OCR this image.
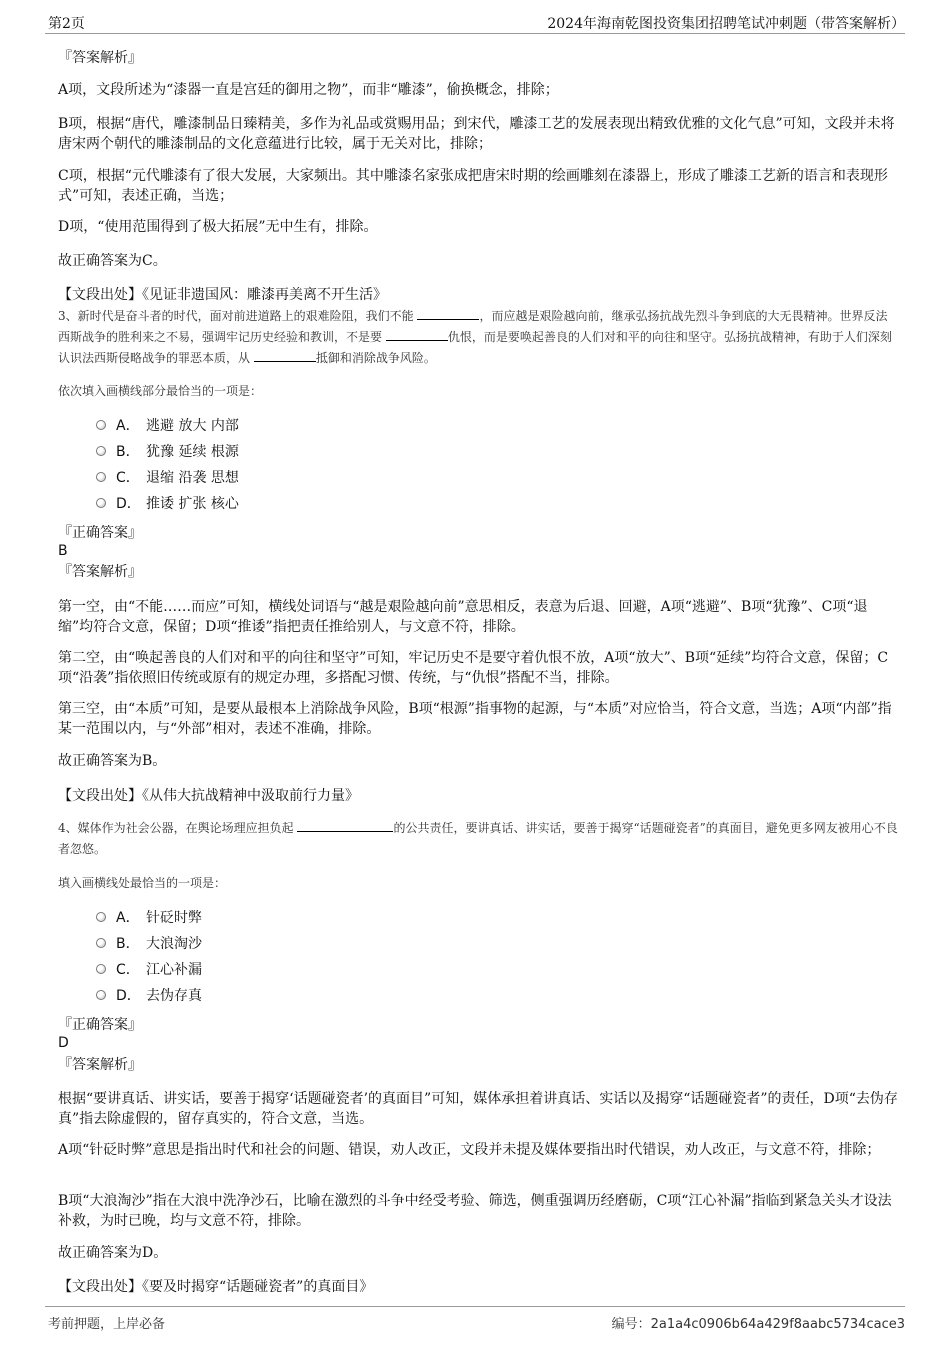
第2页	2024年海南乾图投资集团招聘笔试冲刺题（带答案解析）
『答案解析』
A项，文段所述为“漆器一直是宫廷的御用之物”，而非“雕漆”，偷换概念，排除；
B项，根据“唐代，雕漆制品日臻精美，多作为礼品或赏赐用品；到宋代，雕漆工艺的发展表现出精致优雅的文化气息”可知，文段并未将唐宋两个朝代的雕漆制品的文化意蕴进行比较，属于无关对比，排除；
C项，根据“元代雕漆有了很大发展，大家频出。其中雕漆名家张成把唐宋时期的绘画雕刻在漆器上，形成了雕漆工艺新的语言和表现形式”可知，表述正确，当选；
D项，“使用范围得到了极大拓展”无中生有，排除。
故正确答案为C。
【文段出处】《见证非遗国风：雕漆再美离不开生活》
3、新时代是奋斗者的时代，面对前进道路上的艰难险阻，我们不能	，而应越是艰险越向前，继承弘扬抗战先烈斗争到底的大无畏精神。世界反法西斯战争的胜利来之不易，强调牢记历史经验和教训，不是要	仇恨，而是要唤起善良的人们对和平的向往和坚守。弘扬抗战精神，有助于人们深刻认识法西斯侵略战争的罪恶本质，从	抵御和消除战争风险。
依次填入画横线部分最恰当的一项是：
A． 逃避 放大 内部
B． 犹豫 延续 根源
C． 退缩 沿袭 思想
D． 推诿 扩张 核心
『正确答案』
B
『答案解析』
第一空，由“不能……而应”可知，横线处词语与“越是艰险越向前”意思相反，表意为后退、回避，A项“逃避”、B项“犹豫”、C项“退缩”均符合文意，保留；D项“推诿”指把责任推给别人，与文意不符，排除。
第二空，由“唤起善良的人们对和平的向往和坚守”可知，牢记历史不是要守着仇恨不放，A项“放大”、B项“延续”均符合文意，保留；C项“沿袭”指依照旧传统或原有的规定办理，多搭配习惯、传统，与“仇恨”搭配不当，排除。
第三空，由“本质”可知，是要从最根本上消除战争风险，B项“根源”指事物的起源，与“本质”对应恰当，符合文意，当选；A项“内部”指某一范围以内，与“外部”相对，表述不准确，排除。
故正确答案为B。
【文段出处】《从伟大抗战精神中汲取前行力量》
4、媒体作为社会公器，在舆论场理应担负起	的公共责任，要讲真话、讲实话，要善于揭穿“话题碰瓷者”的真面目，避免更多网友被用心不良者忽悠。
填入画横线处最恰当的一项是：
A． 针砭时弊
B． 大浪淘沙
C． 江心补漏
D． 去伪存真
『正确答案』
D
『答案解析』
根据“要讲真话、讲实话，要善于揭穿‘话题碰瓷者’的真面目”可知，媒体承担着讲真话、实话以及揭穿“话题碰瓷者”的责任，D项“去伪存真”指去除虚假的，留存真实的，符合文意，当选。
A项“针砭时弊”意思是指出时代和社会的问题、错误，劝人改正，文段并未提及媒体要指出时代错误，劝人改正，与文意不符，排除；
B项“大浪淘沙”指在大浪中洗净沙石，比喻在激烈的斗争中经受考验、筛选，侧重强调历经磨砺，C项“江心补漏”指临到紧急关头才设法补救，为时已晚，均与文意不符，排除。
故正确答案为D。
【文段出处】《要及时揭穿“话题碰瓷者”的真面目》
考前押题，上岸必备	编号：2a1a4c0906b64a429f8aabc5734cace3
